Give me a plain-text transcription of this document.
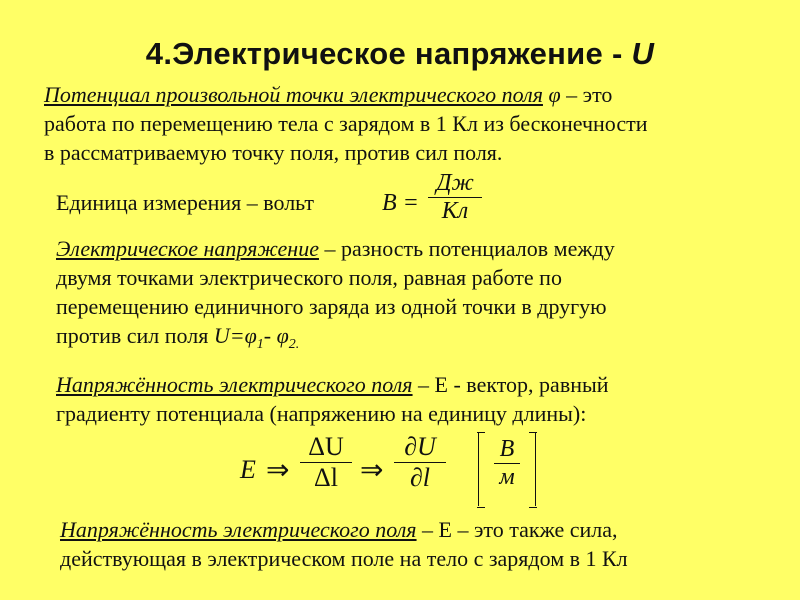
4.Электрическое напряжение - U
Потенциал произвольной точки электрического поля φ – это
работа по перемещению тела с зарядом в 1 Кл из бесконечности
в рассматриваемую точку поля, против сил поля.
Единица измерения – вольт	B =
Дж
Кл
Электрическое напряжение – разность потенциалов между
двумя точками электрического поля, равная работе по
перемещению единичного заряда из одной точки в другую
против сил поля $U=\varphi_1-$ $\varphi_{2.}$
Напряжённость электрического поля – Е - вектор, равный
градиенту потенциала (напряжению на единицу длины):
E ⇒
ΔU
Δl ⇒
∂U
∂l
B
м
Напряжённость электрического поля – Е – это также сила,
действующая в электрическом поле на тело с зарядом в 1 Кл
